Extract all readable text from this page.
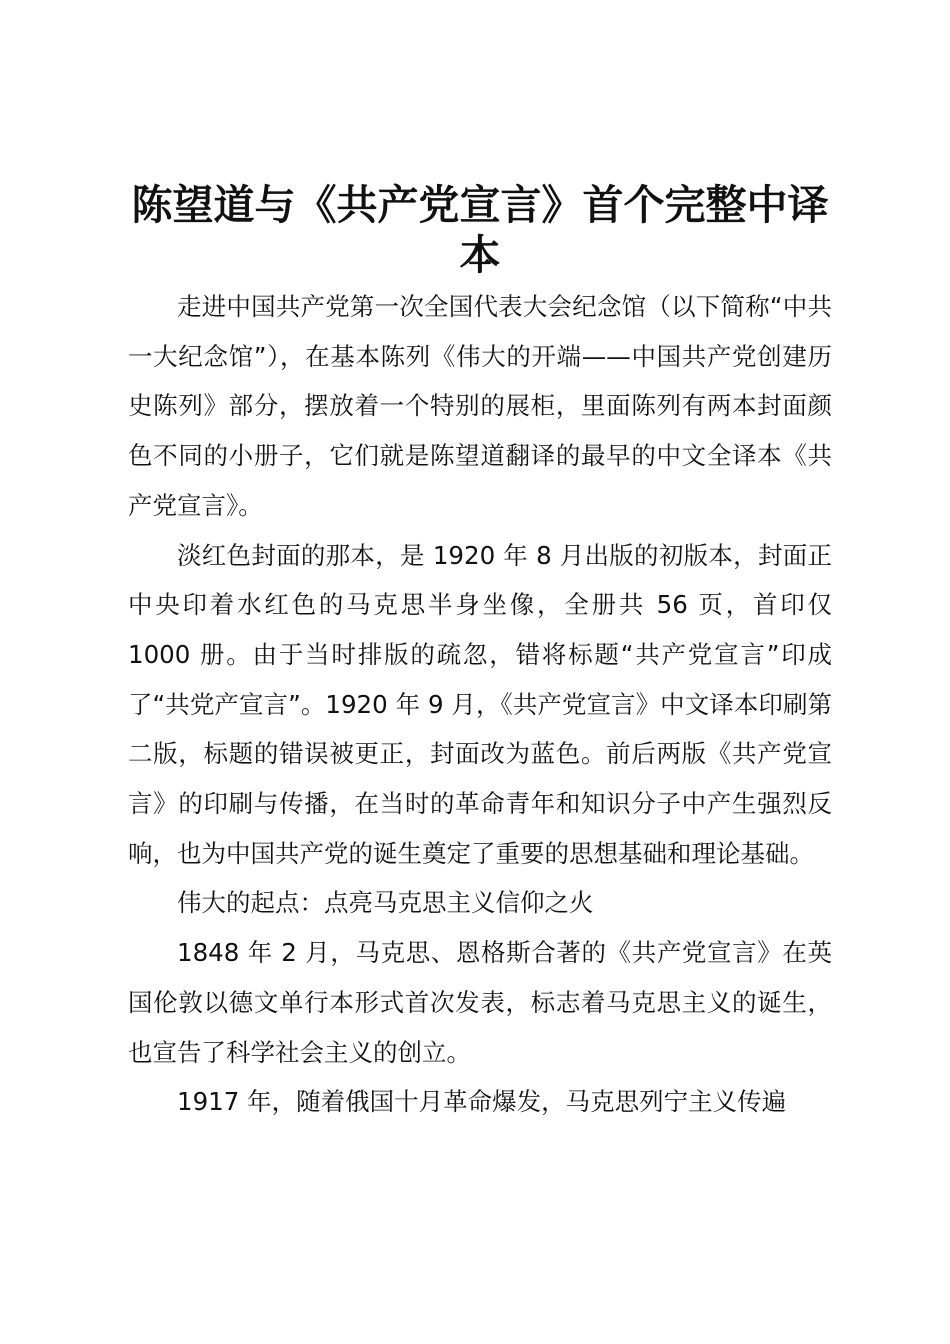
陈望道与《共产党宣言》首个完整中译本

走进中国共产党第一次全国代表大会纪念馆（以下简称“中共一大纪念馆”），在基本陈列《伟大的开端——中国共产党创建历史陈列》部分，摆放着一个特别的展柜，里面陈列有两本封面颜色不同的小册子，它们就是陈望道翻译的最早的中文全译本《共产党宣言》。

淡红色封面的那本，是 1920 年 8 月出版的初版本，封面正中央印着水红色的马克思半身坐像，全册共 56 页，首印仅 1000 册。由于当时排版的疏忽，错将标题“共产党宣言”印成了“共党产宣言”。1920 年 9 月，《共产党宣言》中文译本印刷第二版，标题的错误被更正，封面改为蓝色。前后两版《共产党宣言》的印刷与传播，在当时的革命青年和知识分子中产生强烈反响，也为中国共产党的诞生奠定了重要的思想基础和理论基础。

伟大的起点：点亮马克思主义信仰之火

1848 年 2 月，马克思、恩格斯合著的《共产党宣言》在英国伦敦以德文单行本形式首次发表，标志着马克思主义的诞生，也宣告了科学社会主义的创立。

1917 年，随着俄国十月革命爆发，马克思列宁主义传遍
